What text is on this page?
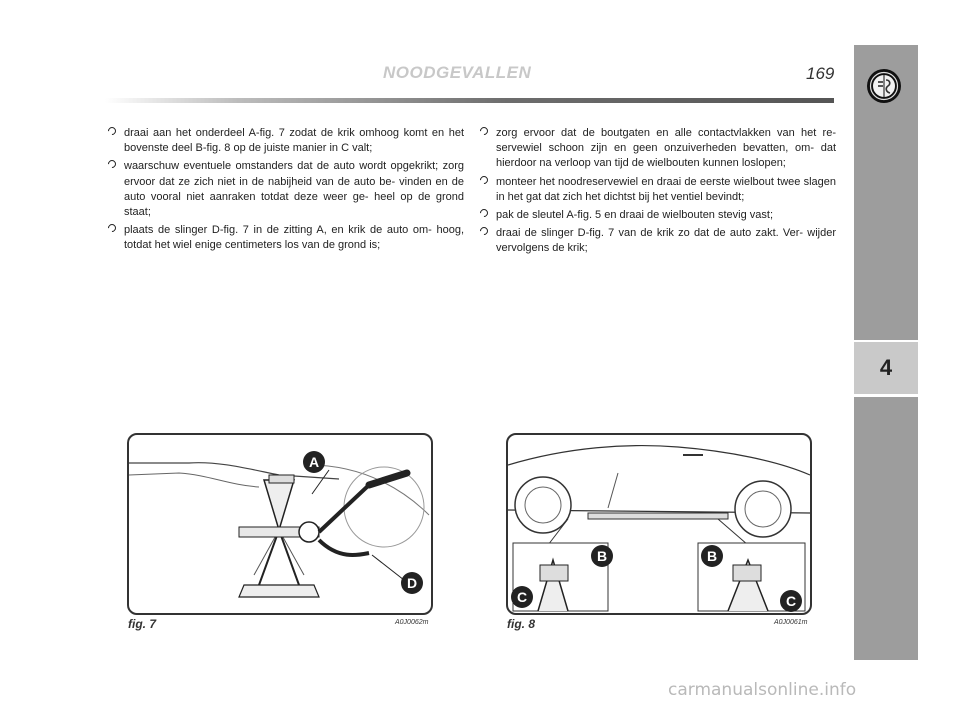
4
NOODGEVALLEN	169
draai aan het onderdeel A-fig. 7 zodat de krik omhoog komt en het bovenste deel B-fig. 8 op de juiste manier in C valt;
waarschuw eventuele omstanders dat de auto wordt opgekrikt; zorg ervoor dat ze zich niet in de nabijheid van de auto be- vinden en de auto vooral niet aanraken totdat deze weer ge- heel op de grond staat;
plaats de slinger D-fig. 7 in de zitting A, en krik de auto om- hoog, totdat het wiel enige centimeters los van de grond is;
zorg ervoor dat de boutgaten en alle contactvlakken van het re- servewiel schoon zijn en geen onzuiverheden bevatten, om- dat hierdoor na verloop van tijd de wielbouten kunnen loslopen;
monteer het noodreservewiel en draai de eerste wielbout twee slagen in het gat dat zich het dichtst bij het ventiel bevindt;
pak de sleutel A-fig. 5 en draai de wielbouten stevig vast;
draai de slinger D-fig. 7 van de krik zo dat de auto zakt. Ver- wijder vervolgens de krik;
A
D
fig. 7	A0J0062m
B
C
B
C
fig. 8	A0J0061m
carmanualsonline.info
